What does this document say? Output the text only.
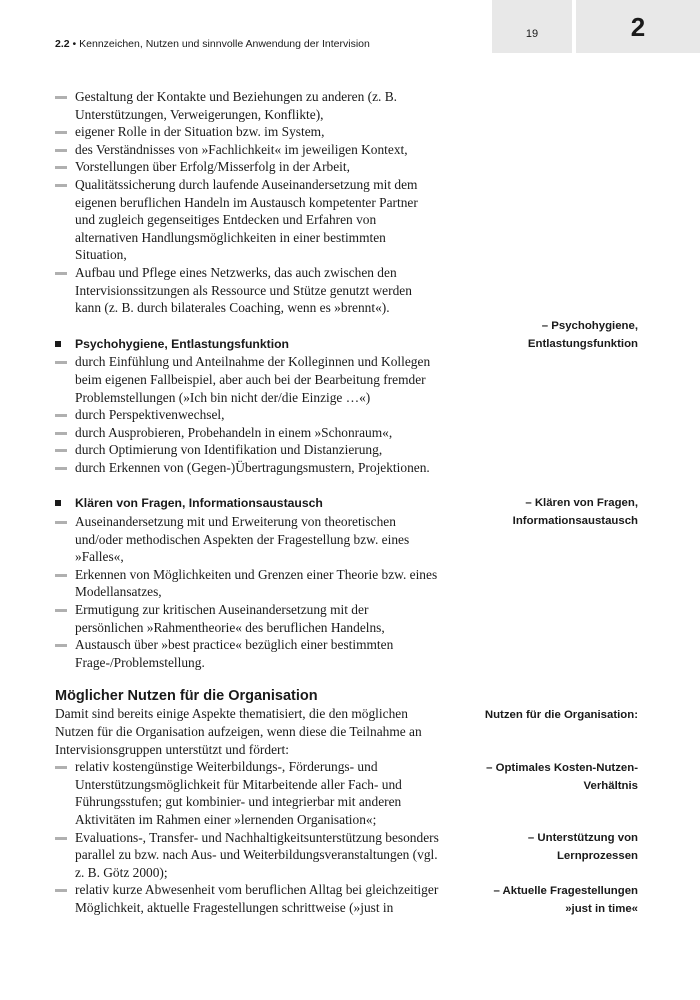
2.2 • Kennzeichen, Nutzen und sinnvolle Anwendung der Intervision
19	2
Gestaltung der Kontakte und Beziehungen zu anderen (z. B. Unterstützungen, Verweigerungen, Konflikte),
eigener Rolle in der Situation bzw. im System,
des Verständnisses von »Fachlichkeit« im jeweiligen Kontext,
Vorstellungen über Erfolg/Misserfolg in der Arbeit,
Qualitätssicherung durch laufende Auseinandersetzung mit dem eigenen beruflichen Handeln im Austausch kompetenter Partner und zugleich gegenseitiges Entdecken und Erfahren von alternativen Handlungsmöglichkeiten in einer bestimmten Situation,
Aufbau und Pflege eines Netzwerks, das auch zwischen den Intervisionssitzungen als Ressource und Stütze genutzt werden kann (z. B. durch bilaterales Coaching, wenn es »brennt«).
Psychohygiene, Entlastungsfunktion
durch Einfühlung und Anteilnahme der Kolleginnen und Kollegen beim eigenen Fallbeispiel, aber auch bei der Bearbeitung fremder Problemstellungen (»Ich bin nicht der/die Einzige …«)
durch Perspektivenwechsel,
durch Ausprobieren, Probehandeln in einem »Schonraum«,
durch Optimierung von Identifikation und Distanzierung,
durch Erkennen von (Gegen-)Übertragungsmustern, Projektionen.
Klären von Fragen, Informationsaustausch
Auseinandersetzung mit und Erweiterung von theoretischen und/oder methodischen Aspekten der Fragestellung bzw. eines »Falles«,
Erkennen von Möglichkeiten und Grenzen einer Theorie bzw. eines Modellansatzes,
Ermutigung zur kritischen Auseinandersetzung mit der persönlichen »Rahmentheorie« des beruflichen Handelns,
Austausch über »best practice« bezüglich einer bestimmten Frage-/Problemstellung.
Möglicher Nutzen für die Organisation

Damit sind bereits einige Aspekte thematisiert, die den möglichen Nutzen für die Organisation aufzeigen, wenn diese die Teilnahme an Intervisionsgruppen unterstützt und fördert:

relativ kostengünstige Weiterbildungs-, Förderungs- und Unterstützungsmöglichkeit für Mitarbeitende aller Fach- und Führungsstufen; gut kombinier- und integrierbar mit anderen Aktivitäten im Rahmen einer »lernenden Organisation«;
Evaluations-, Transfer- und Nachhaltigkeitsunterstützung besonders parallel zu bzw. nach Aus- und Weiterbildungsveranstaltungen (vgl. z. B. Götz 2000);
relativ kurze Abwesenheit vom beruflichen Alltag bei gleichzeitiger Möglichkeit, aktuelle Fragestellungen schrittweise (»just in
– Psychohygiene,
Entlastungsfunktion
– Klären von Fragen,
Informationsaustausch
Nutzen für die Organisation:
– Optimales Kosten-Nutzen-
Verhältnis
– Unterstützung von
Lernprozessen
– Aktuelle Fragestellungen
»just in time«
